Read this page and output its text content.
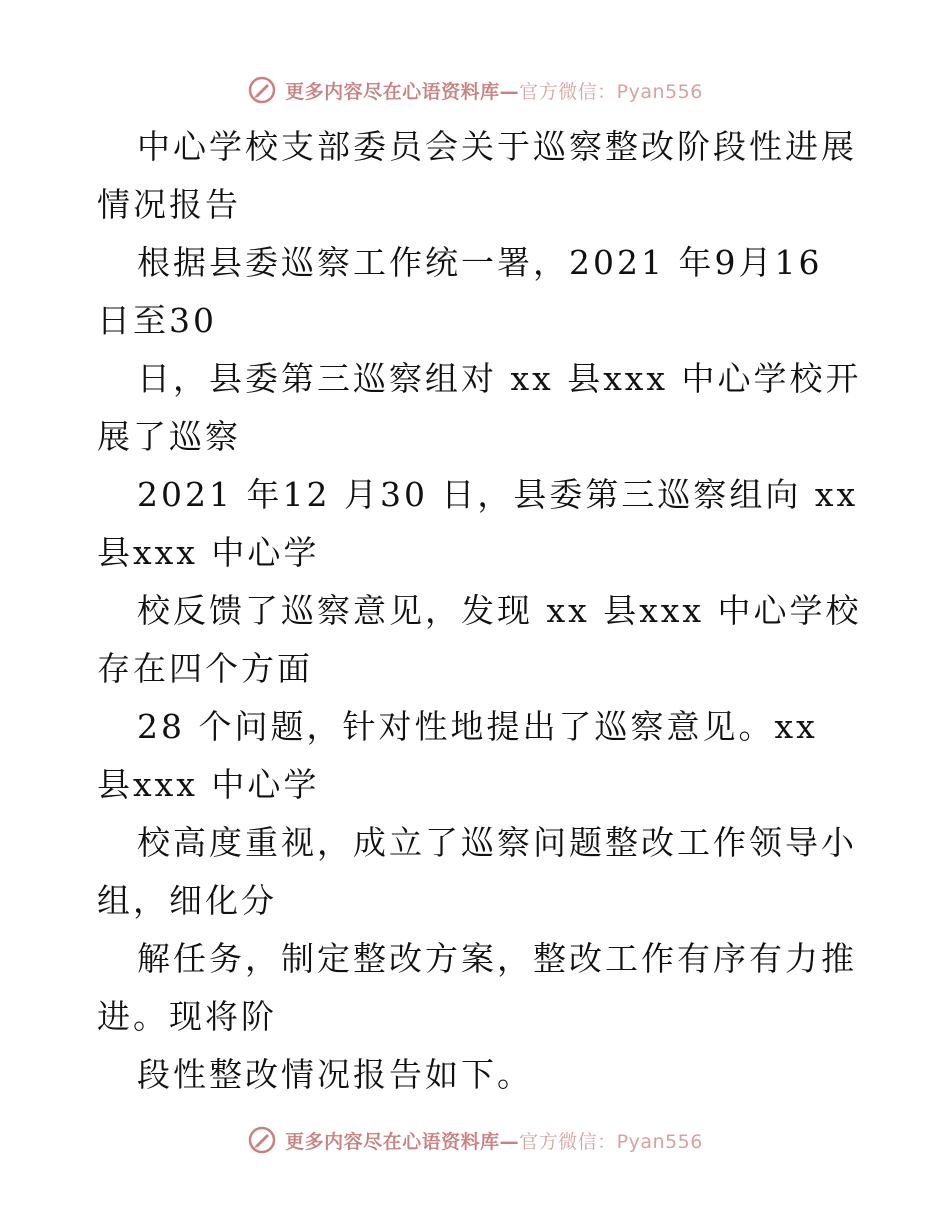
更多内容尽在心语资料库— 官方微信：Pyan556

中心学校支部委员会关于巡察整改阶段性进展情况报告

根据县委巡察工作统一署，2021 年9月16 日至30

日，县委第三巡察组对 xx 县xxx 中心学校开展了巡察

2021 年12 月30 日，县委第三巡察组向 xx 县xxx 中心学

校反馈了巡察意见，发现 xx 县xxx 中心学校存在四个方面

28 个问题，针对性地提出了巡察意见。xx 县xxx 中心学

校高度重视，成立了巡察问题整改工作领导小组，细化分

解任务，制定整改方案，整改工作有序有力推进。现将阶

段性整改情况报告如下。

更多内容尽在心语资料库— 官方微信：Pyan556
